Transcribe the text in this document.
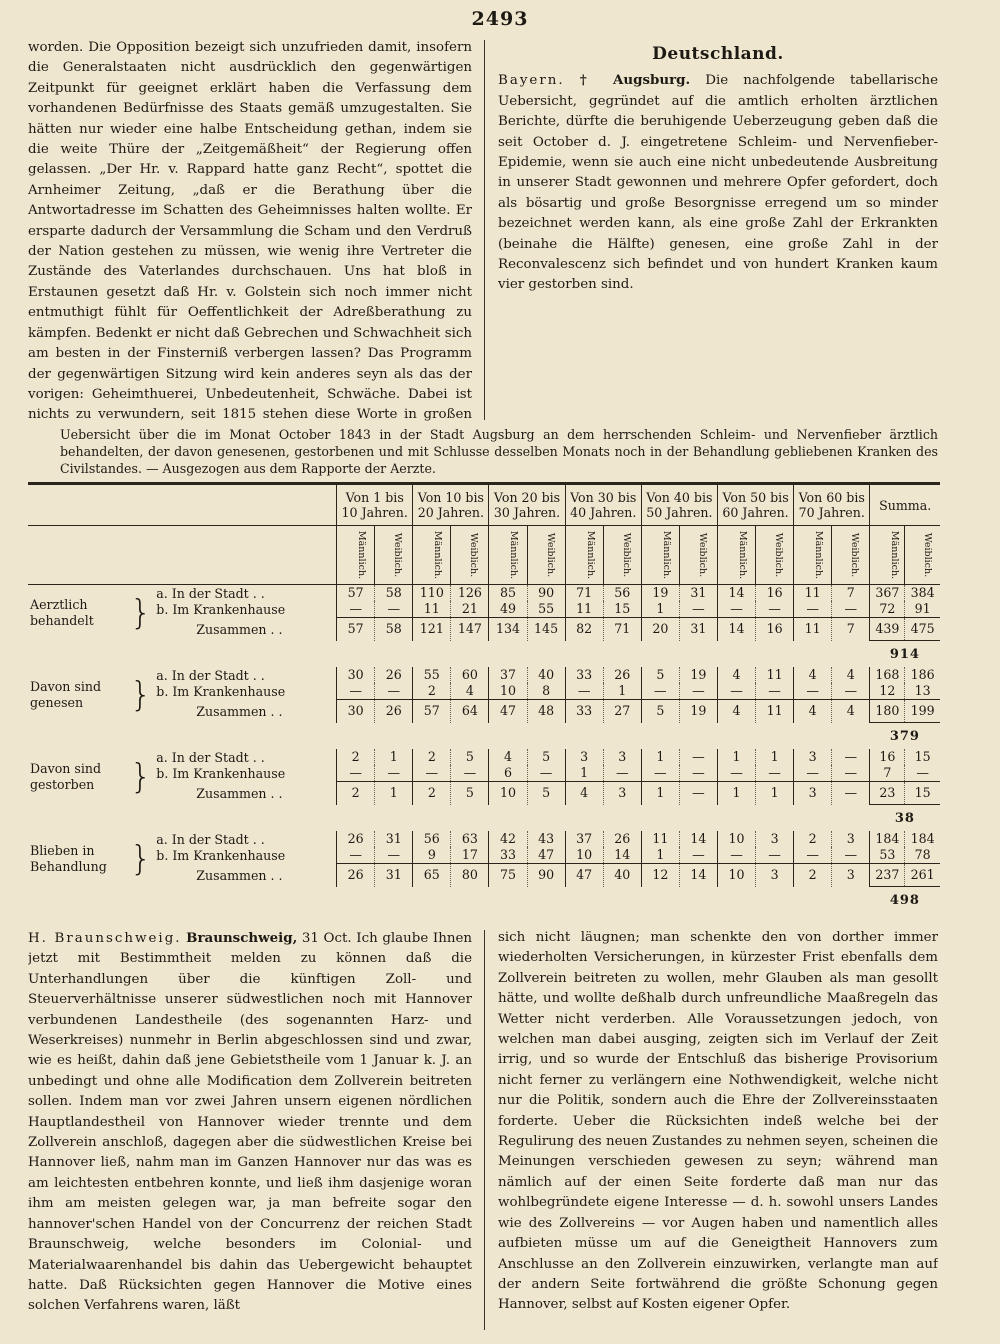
2493

worden. Die Opposition bezeigt sich unzufrieden damit, insofern die Generalstaaten nicht ausdrücklich den gegenwärtigen Zeitpunkt für geeignet erklärt haben die Verfassung dem vorhandenen Bedürfnisse des Staats gemäß umzugestalten. Sie hätten nur wieder eine halbe Entscheidung gethan, indem sie die weite Thüre der „Zeitgemäßheit“ der Regierung offen gelassen. „Der Hr. v. Rappard hatte ganz Recht“, spottet die Arnheimer Zeitung, „daß er die Berathung über die Antwortadresse im Schatten des Geheimnisses halten wollte. Er ersparte dadurch der Versammlung die Scham und den Verdruß der Nation gestehen zu müssen, wie wenig ihre Vertreter die Zustände des Vaterlandes durchschauen. Uns hat bloß in Erstaunen gesetzt daß Hr. v. Golstein sich noch immer nicht entmuthigt fühlt für Oeffentlichkeit der Adreßberathung zu kämpfen. Bedenkt er nicht daß Gebrechen und Schwachheit sich am besten in der Finsterniß verbergen lassen? Das Programm der gegenwärtigen Sitzung wird kein anderes seyn als das der vorigen: Geheimthuerei, Unbedeutenheit, Schwäche. Dabei ist nichts zu verwundern, seit 1815 stehen diese Worte in großen

Deutschland.

Bayern. † Augsburg. Die nachfolgende tabellarische Uebersicht, gegründet auf die amtlich erholten ärztlichen Berichte, dürfte die beruhigende Ueberzeugung geben daß die seit October d. J. eingetretene Schleim- und Nervenfieber-Epidemie, wenn sie auch eine nicht unbedeutende Ausbreitung in unserer Stadt gewonnen und mehrere Opfer gefordert, doch als bösartig und große Besorgnisse erregend um so minder bezeichnet werden kann, als eine große Zahl der Erkrankten (beinahe die Hälfte) genesen, eine große Zahl in der Reconvalescenz sich befindet und von hundert Kranken kaum vier gestorben sind.

Uebersicht über die im Monat October 1843 in der Stadt Augsburg an dem herrschenden Schleim- und Nervenfieber ärztlich behandelten, der davon genesenen, gestorbenen und mit Schlusse desselben Monats noch in der Behandlung gebliebenen Kranken des Civilstandes. — Ausgezogen aus dem Rapporte der Aerzte.
		Von 1 bis 10 Jahren.		Von 10 bis 20 Jahren.		Von 20 bis 30 Jahren.		Von 30 bis 40 Jahren.		Von 40 bis 50 Jahren.		Von 50 bis 60 Jahren.		Von 60 bis 70 Jahren.		Summa.	
		Männlich.	Weiblich.	Männlich.	Weiblich.	Männlich.	Weiblich.	Männlich.	Weiblich.	Männlich.	Weiblich.	Männlich.	Weiblich.	Männlich.	Weiblich.	Männlich.	Weiblich.
Aerztlich behandelt }	a. In der Stadt . .	57	58	110	126	85	90	71	56	19	31	14	16	11	7	367	384
	b. Im Krankenhause	—	—	11	21	49	55	11	15	1	—	—	—	—	—	72	91
	Zusammen . .	57	58	121	147	134	145	82	71	20	31	14	16	11	7	439	475
																914	
Davon sind genesen }	a. In der Stadt . .	30	26	55	60	37	40	33	26	5	19	4	11	4	4	168	186
	b. Im Krankenhause	—	—	2	4	10	8	—	1	—	—	—	—	—	—	12	13
	Zusammen . .	30	26	57	64	47	48	33	27	5	19	4	11	4	4	180	199
																379	
Davon sind gestorben }	a. In der Stadt . .	2	1	2	5	4	5	3	3	1	—	1	1	3	—	16	15
	b. Im Krankenhause	—	—	—	—	6	—	1	—	—	—	—	—	—	—	7	—
	Zusammen . .	2	1	2	5	10	5	4	3	1	—	1	1	3	—	23	15
																38	
Blieben in Behandlung }	a. In der Stadt . .	26	31	56	63	42	43	37	26	11	14	10	3	2	3	184	184
	b. Im Krankenhause	—	—	9	17	33	47	10	14	1	—	—	—	—	—	53	78
	Zusammen . .	26	31	65	80	75	90	47	40	12	14	10	3	2	3	237	261
																498	

H. Braunschweig. Braunschweig, 31 Oct. Ich glaube Ihnen jetzt mit Bestimmtheit melden zu können daß die Unterhandlungen über die künftigen Zoll- und Steuerverhältnisse unserer südwestlichen noch mit Hannover verbundenen Landestheile (des sogenannten Harz- und Weserkreises) nunmehr in Berlin abgeschlossen sind und zwar, wie es heißt, dahin daß jene Gebietstheile vom 1 Januar k. J. an unbedingt und ohne alle Modification dem Zollverein beitreten sollen. Indem man vor zwei Jahren unsern eigenen nördlichen Hauptlandestheil von Hannover wieder trennte und dem Zollverein anschloß, dagegen aber die südwestlichen Kreise bei Hannover ließ, nahm man im Ganzen Hannover nur das was es am leichtesten entbehren konnte, und ließ ihm dasjenige woran ihm am meisten gelegen war, ja man befreite sogar den hannover'schen Handel von der Concurrenz der reichen Stadt Braunschweig, welche besonders im Colonial- und Materialwaarenhandel bis dahin das Uebergewicht behauptet hatte. Daß Rücksichten gegen Hannover die Motive eines solchen Verfahrens waren, läßt

sich nicht läugnen; man schenkte den von dorther immer wiederholten Versicherungen, in kürzester Frist ebenfalls dem Zollverein beitreten zu wollen, mehr Glauben als man gesollt hätte, und wollte deßhalb durch unfreundliche Maaßregeln das Wetter nicht verderben. Alle Voraussetzungen jedoch, von welchen man dabei ausging, zeigten sich im Verlauf der Zeit irrig, und so wurde der Entschluß das bisherige Provisorium nicht ferner zu verlängern eine Nothwendigkeit, welche nicht nur die Politik, sondern auch die Ehre der Zollvereinsstaaten forderte. Ueber die Rücksichten indeß welche bei der Regulirung des neuen Zustandes zu nehmen seyen, scheinen die Meinungen verschieden gewesen zu seyn; während man nämlich auf der einen Seite forderte daß man nur das wohlbegründete eigene Interesse — d. h. sowohl unsers Landes wie des Zollvereins — vor Augen haben und namentlich alles aufbieten müsse um auf die Geneigtheit Hannovers zum Anschlusse an den Zollverein einzuwirken, verlangte man auf der andern Seite fortwährend die größte Schonung gegen Hannover, selbst auf Kosten eigener Opfer.
